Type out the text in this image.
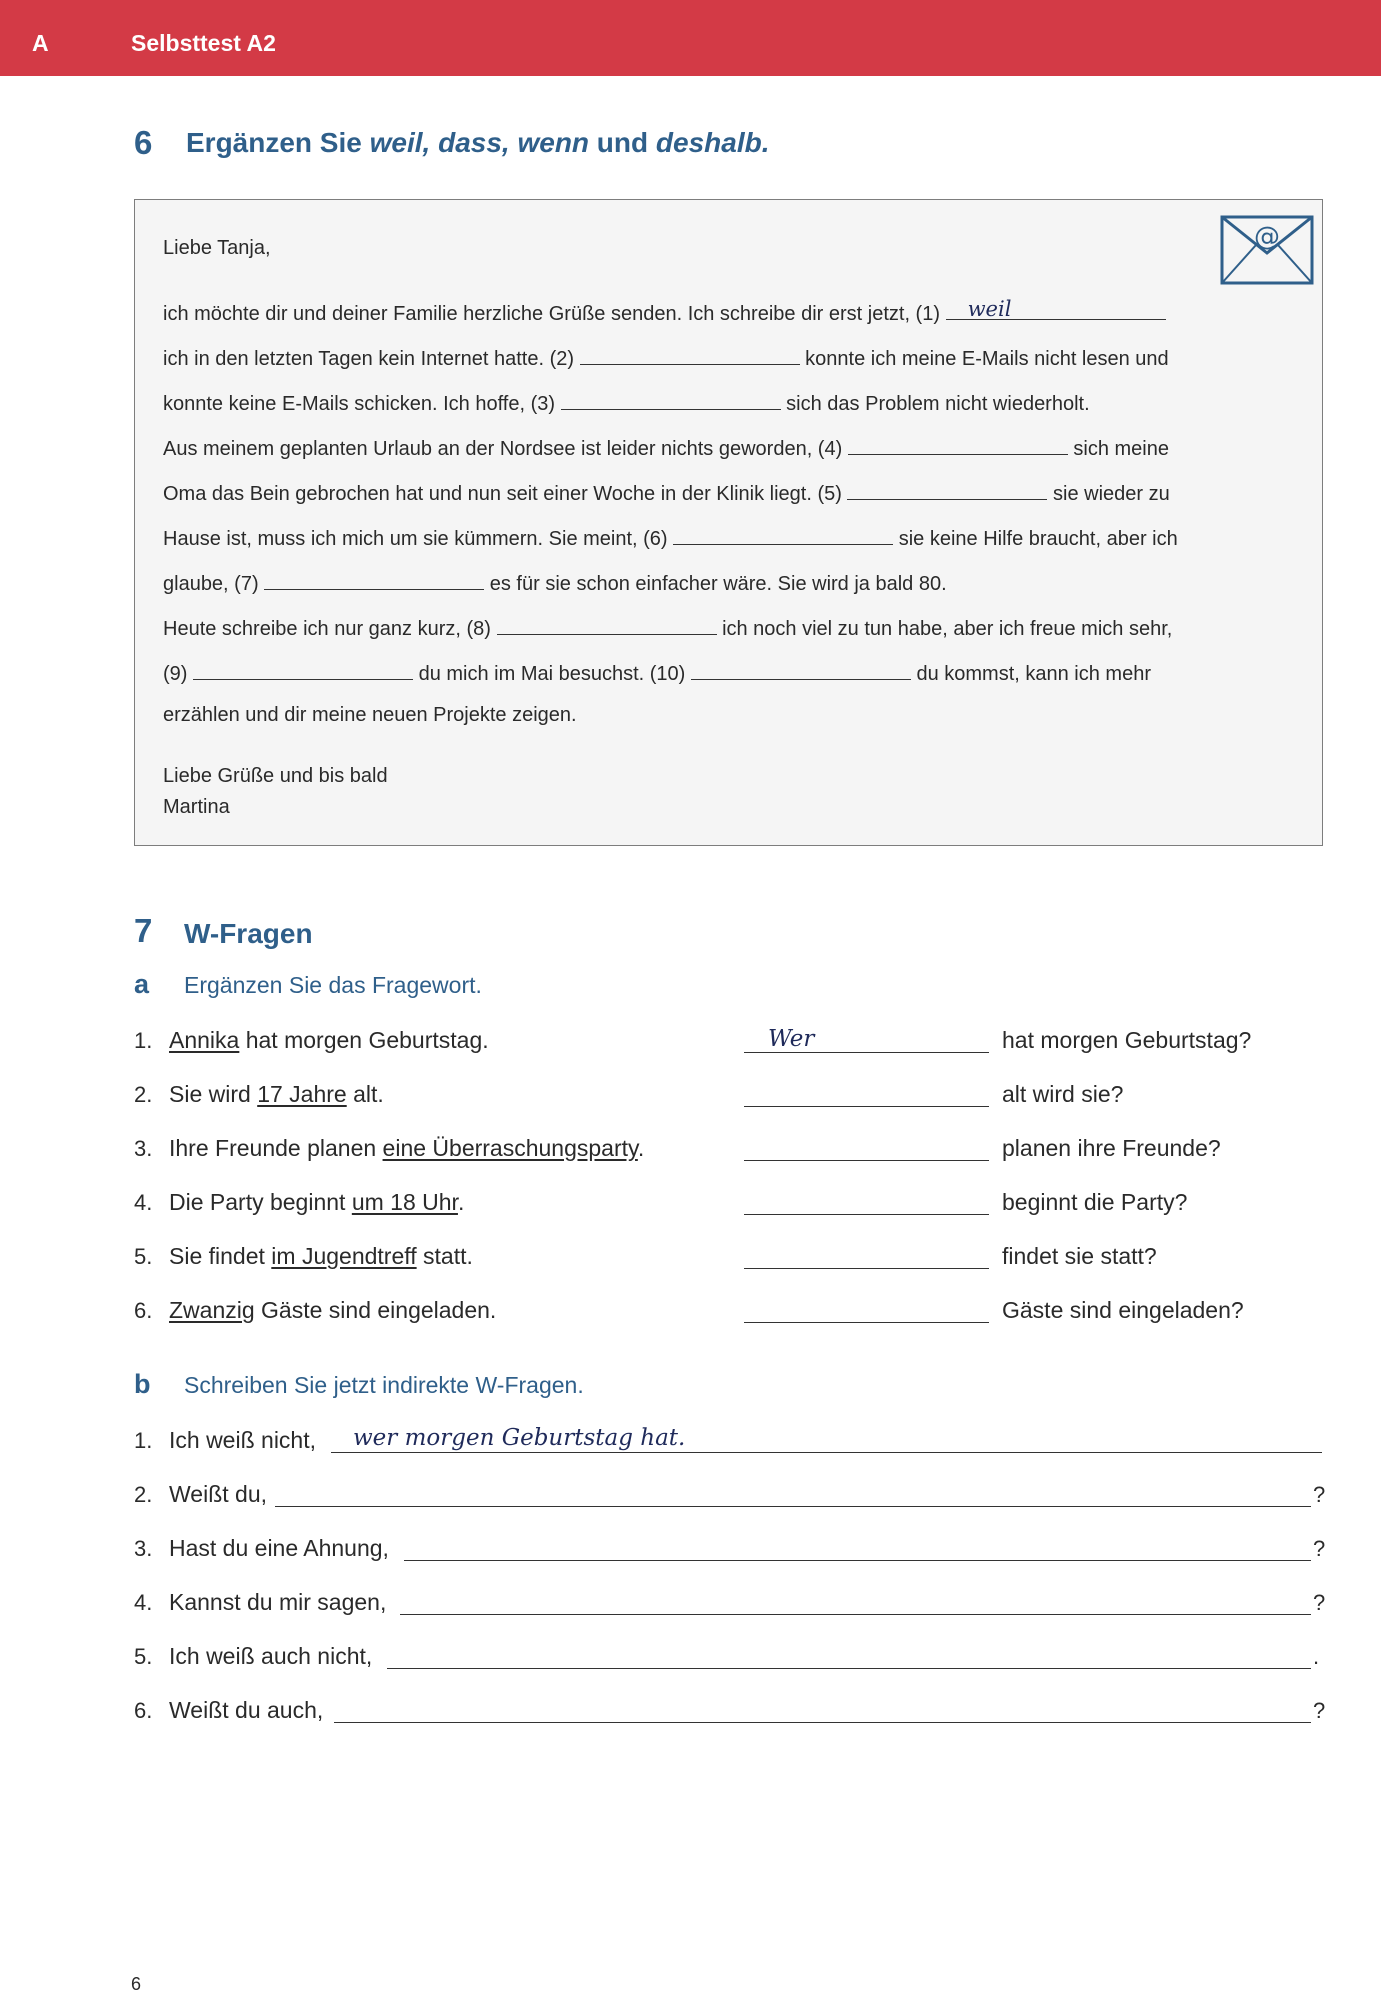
A	Selbsttest A2
6 Ergänzen Sie weil, dass, wenn und deshalb.
@
Liebe Tanja,
ich möchte dir und deiner Familie herzliche Grüße senden. Ich schreibe dir erst jetzt, (1) weil
ich in den letzten Tagen kein Internet hatte. (2)	konnte ich meine E-Mails nicht lesen und
konnte keine E-Mails schicken. Ich hoffe, (3)	sich das Problem nicht wiederholt.
Aus meinem geplanten Urlaub an der Nordsee ist leider nichts geworden, (4)	sich meine
Oma das Bein gebrochen hat und nun seit einer Woche in der Klinik liegt. (5)	sie wieder zu
Hause ist, muss ich mich um sie kümmern. Sie meint, (6)	sie keine Hilfe braucht, aber ich
glaube, (7)	es für sie schon einfacher wäre. Sie wird ja bald 80.
Heute schreibe ich nur ganz kurz, (8)	ich noch viel zu tun habe, aber ich freue mich sehr,
(9)	du mich im Mai besuchst. (10)	du kommst, kann ich mehr
erzählen und dir meine neuen Projekte zeigen.
Liebe Grüße und bis bald
Martina
7 W-Fragen
a Ergänzen Sie das Fragewort.
1. Annika hat morgen Geburtstag.	Wer	hat morgen Geburtstag?
2. Sie wird 17 Jahre alt.	alt wird sie?
3. Ihre Freunde planen eine Überraschungsparty.	planen ihre Freunde?
4. Die Party beginnt um 18 Uhr.	beginnt die Party?
5. Sie findet im Jugendtreff statt.	findet sie statt?
6. Zwanzig Gäste sind eingeladen.	Gäste sind eingeladen?
b Schreiben Sie jetzt indirekte W-Fragen.
1. Ich weiß nicht, wer morgen Geburtstag hat.
2. Weißt du,	?
3. Hast du eine Ahnung,	?
4. Kannst du mir sagen,	?
5. Ich weiß auch nicht,	.
6. Weißt du auch,	?
6
